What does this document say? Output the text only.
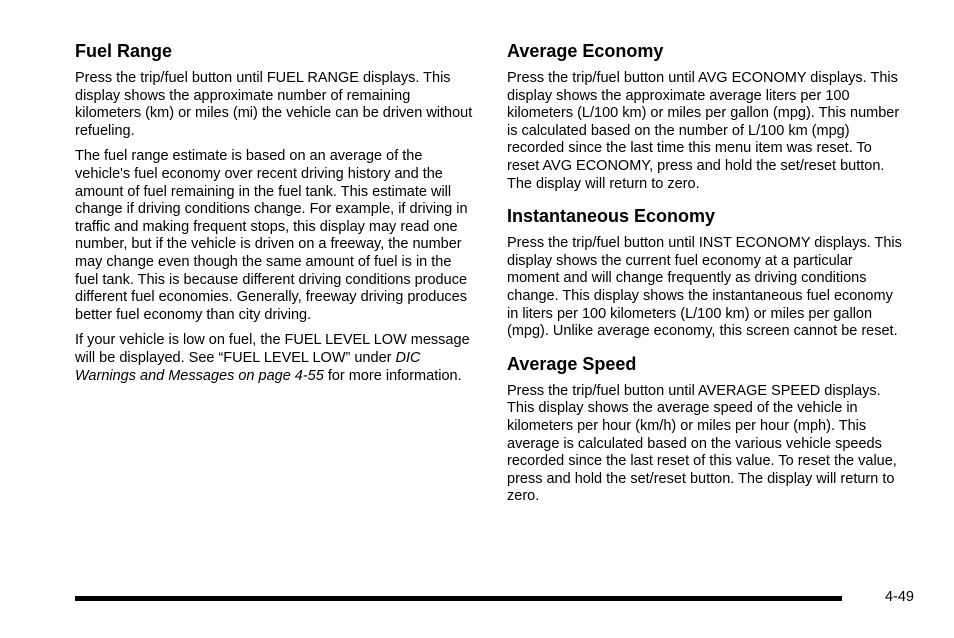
Fuel Range

Press the trip/fuel button until FUEL RANGE displays. This display shows the approximate number of remaining kilometers (km) or miles (mi) the vehicle can be driven without refueling.

The fuel range estimate is based on an average of the vehicle's fuel economy over recent driving history and the amount of fuel remaining in the fuel tank. This estimate will change if driving conditions change. For example, if driving in traffic and making frequent stops, this display may read one number, but if the vehicle is driven on a freeway, the number may change even though the same amount of fuel is in the fuel tank. This is because different driving conditions produce different fuel economies. Generally, freeway driving produces better fuel economy than city driving.

If your vehicle is low on fuel, the FUEL LEVEL LOW message will be displayed. See “FUEL LEVEL LOW” under DIC Warnings and Messages on page 4‑55 for more information.

Average Economy

Press the trip/fuel button until AVG ECONOMY displays. This display shows the approximate average liters per 100 kilometers (L/100 km) or miles per gallon (mpg). This number is calculated based on the number of L/100 km (mpg) recorded since the last time this menu item was reset. To reset AVG ECONOMY, press and hold the set/reset button. The display will return to zero.

Instantaneous Economy

Press the trip/fuel button until INST ECONOMY displays. This display shows the current fuel economy at a particular moment and will change frequently as driving conditions change. This display shows the instantaneous fuel economy in liters per 100 kilometers (L/100 km) or miles per gallon (mpg). Unlike average economy, this screen cannot be reset.

Average Speed

Press the trip/fuel button until AVERAGE SPEED displays. This display shows the average speed of the vehicle in kilometers per hour (km/h) or miles per hour (mph). This average is calculated based on the various vehicle speeds recorded since the last reset of this value. To reset the value, press and hold the set/reset button. The display will return to zero.

4-49
